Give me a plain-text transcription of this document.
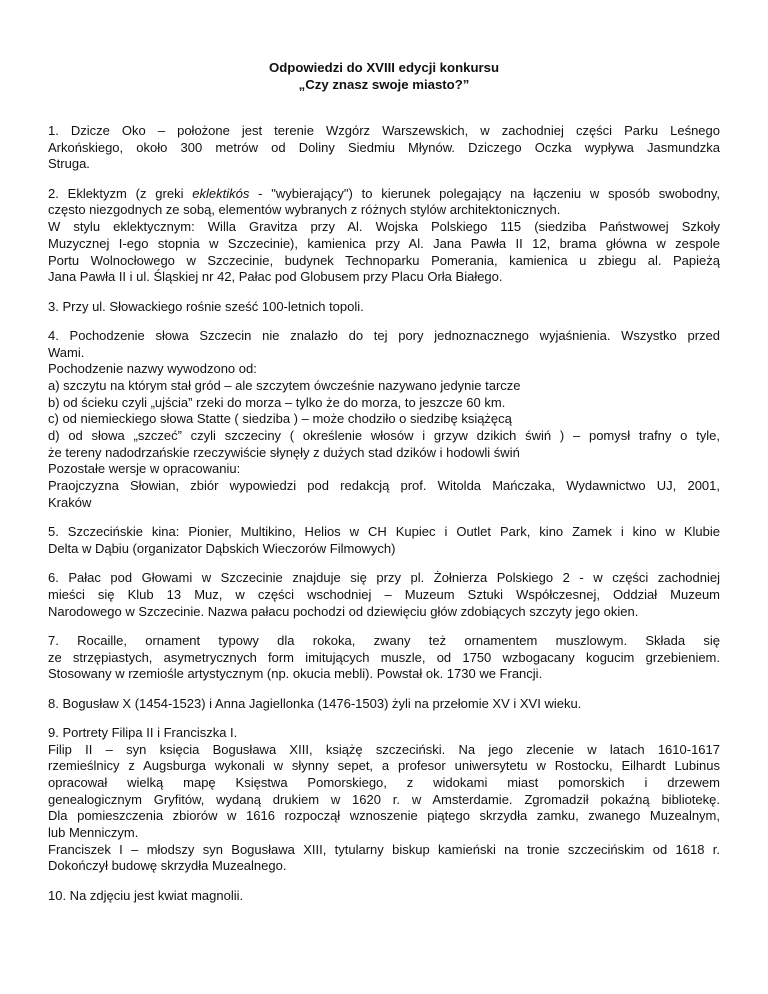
Odpowiedzi do XVIII edycji konkursu
„Czy znasz swoje miasto?”
1. Dzicze Oko – położone jest terenie Wzgórz Warszewskich, w zachodniej części Parku Leśnego
Arkońskiego, około 300 metrów od Doliny Siedmiu Młynów. Dziczego Oczka wypływa Jasmundzka
Struga.
2. Eklektyzm (z greki eklektikós - "wybierający") to kierunek polegający na łączeniu w sposób swobodny,
często niezgodnych ze sobą, elementów wybranych z różnych stylów architektonicznych.
W stylu eklektycznym: Willa Gravitza przy Al. Wojska Polskiego 115 (siedziba Państwowej Szkoły
Muzycznej I-ego stopnia w Szczecinie), kamienica przy Al. Jana Pawła II 12, brama główna w zespole
Portu Wolnocłowego w Szczecinie, budynek Technoparku Pomerania, kamienica u zbiegu al. Papieżą
Jana Pawła II i ul. Śląskiej nr 42, Pałac pod Globusem przy Placu Orła Białego.
3. Przy ul. Słowackiego rośnie sześć 100-letnich topoli.
4. Pochodzenie słowa Szczecin nie znalazło do tej pory jednoznacznego wyjaśnienia. Wszystko przed
Wami.
Pochodzenie nazwy wywodzono od:
a) szczytu na którym stał gród – ale szczytem ówcześnie nazywano jedynie tarcze
b) od ścieku czyli „ujścia” rzeki do morza – tylko że do morza, to jeszcze 60 km.
c) od niemieckiego słowa Statte ( siedziba ) – może chodziło o siedzibę książęcą
d) od słowa „szczeć” czyli szczeciny ( określenie włosów i grzyw dzikich świń ) – pomysł trafny o tyle,
że tereny nadodrzańskie rzeczywiście słynęły z dużych stad dzików i hodowli świń
Pozostałe wersje w opracowaniu:
Praojczyzna Słowian, zbiór wypowiedzi pod redakcją prof. Witolda Mańczaka, Wydawnictwo UJ, 2001,
Kraków
5. Szczecińskie kina: Pionier, Multikino, Helios w CH Kupiec i Outlet Park, kino Zamek i kino w Klubie
Delta w Dąbiu (organizator Dąbskich Wieczorów Filmowych)
6. Pałac pod Głowami w Szczecinie znajduje się przy pl. Żołnierza Polskiego 2 - w części zachodniej
mieści się Klub 13 Muz, w części wschodniej – Muzeum Sztuki Współczesnej, Oddział Muzeum
Narodowego w Szczecinie. Nazwa pałacu pochodzi od dziewięciu głów zdobiących szczyty jego okien.
7. Rocaille, ornament typowy dla rokoka, zwany też ornamentem muszlowym. Składa się
ze strzępiastych, asymetrycznych form imitujących muszle, od 1750 wzbogacany kogucim grzebieniem.
Stosowany w rzemiośle artystycznym (np. okucia mebli). Powstał ok. 1730 we Francji.
8. Bogusław X (1454-1523) i Anna Jagiellonka (1476-1503) żyli na przełomie XV i XVI wieku.
9. Portrety Filipa II i Franciszka I.
Filip II – syn księcia Bogusława XIII, książę szczeciński. Na jego zlecenie w latach 1610-1617
rzemieślnicy z Augsburga wykonali w słynny sepet, a profesor uniwersytetu w Rostocku, Eilhardt Lubinus
opracował wielką mapę Księstwa Pomorskiego, z widokami miast pomorskich i drzewem
genealogicznym Gryfitów, wydaną drukiem w 1620 r. w Amsterdamie. Zgromadził pokaźną bibliotekę.
Dla pomieszczenia zbiorów w 1616 rozpoczął wznoszenie piątego skrzydła zamku, zwanego Muzealnym,
lub Menniczym.
Franciszek I – młodszy syn Bogusława XIII, tytularny biskup kamieński na tronie szczecińskim od 1618 r.
Dokończył budowę skrzydła Muzealnego.
10. Na zdjęciu jest kwiat magnolii.
